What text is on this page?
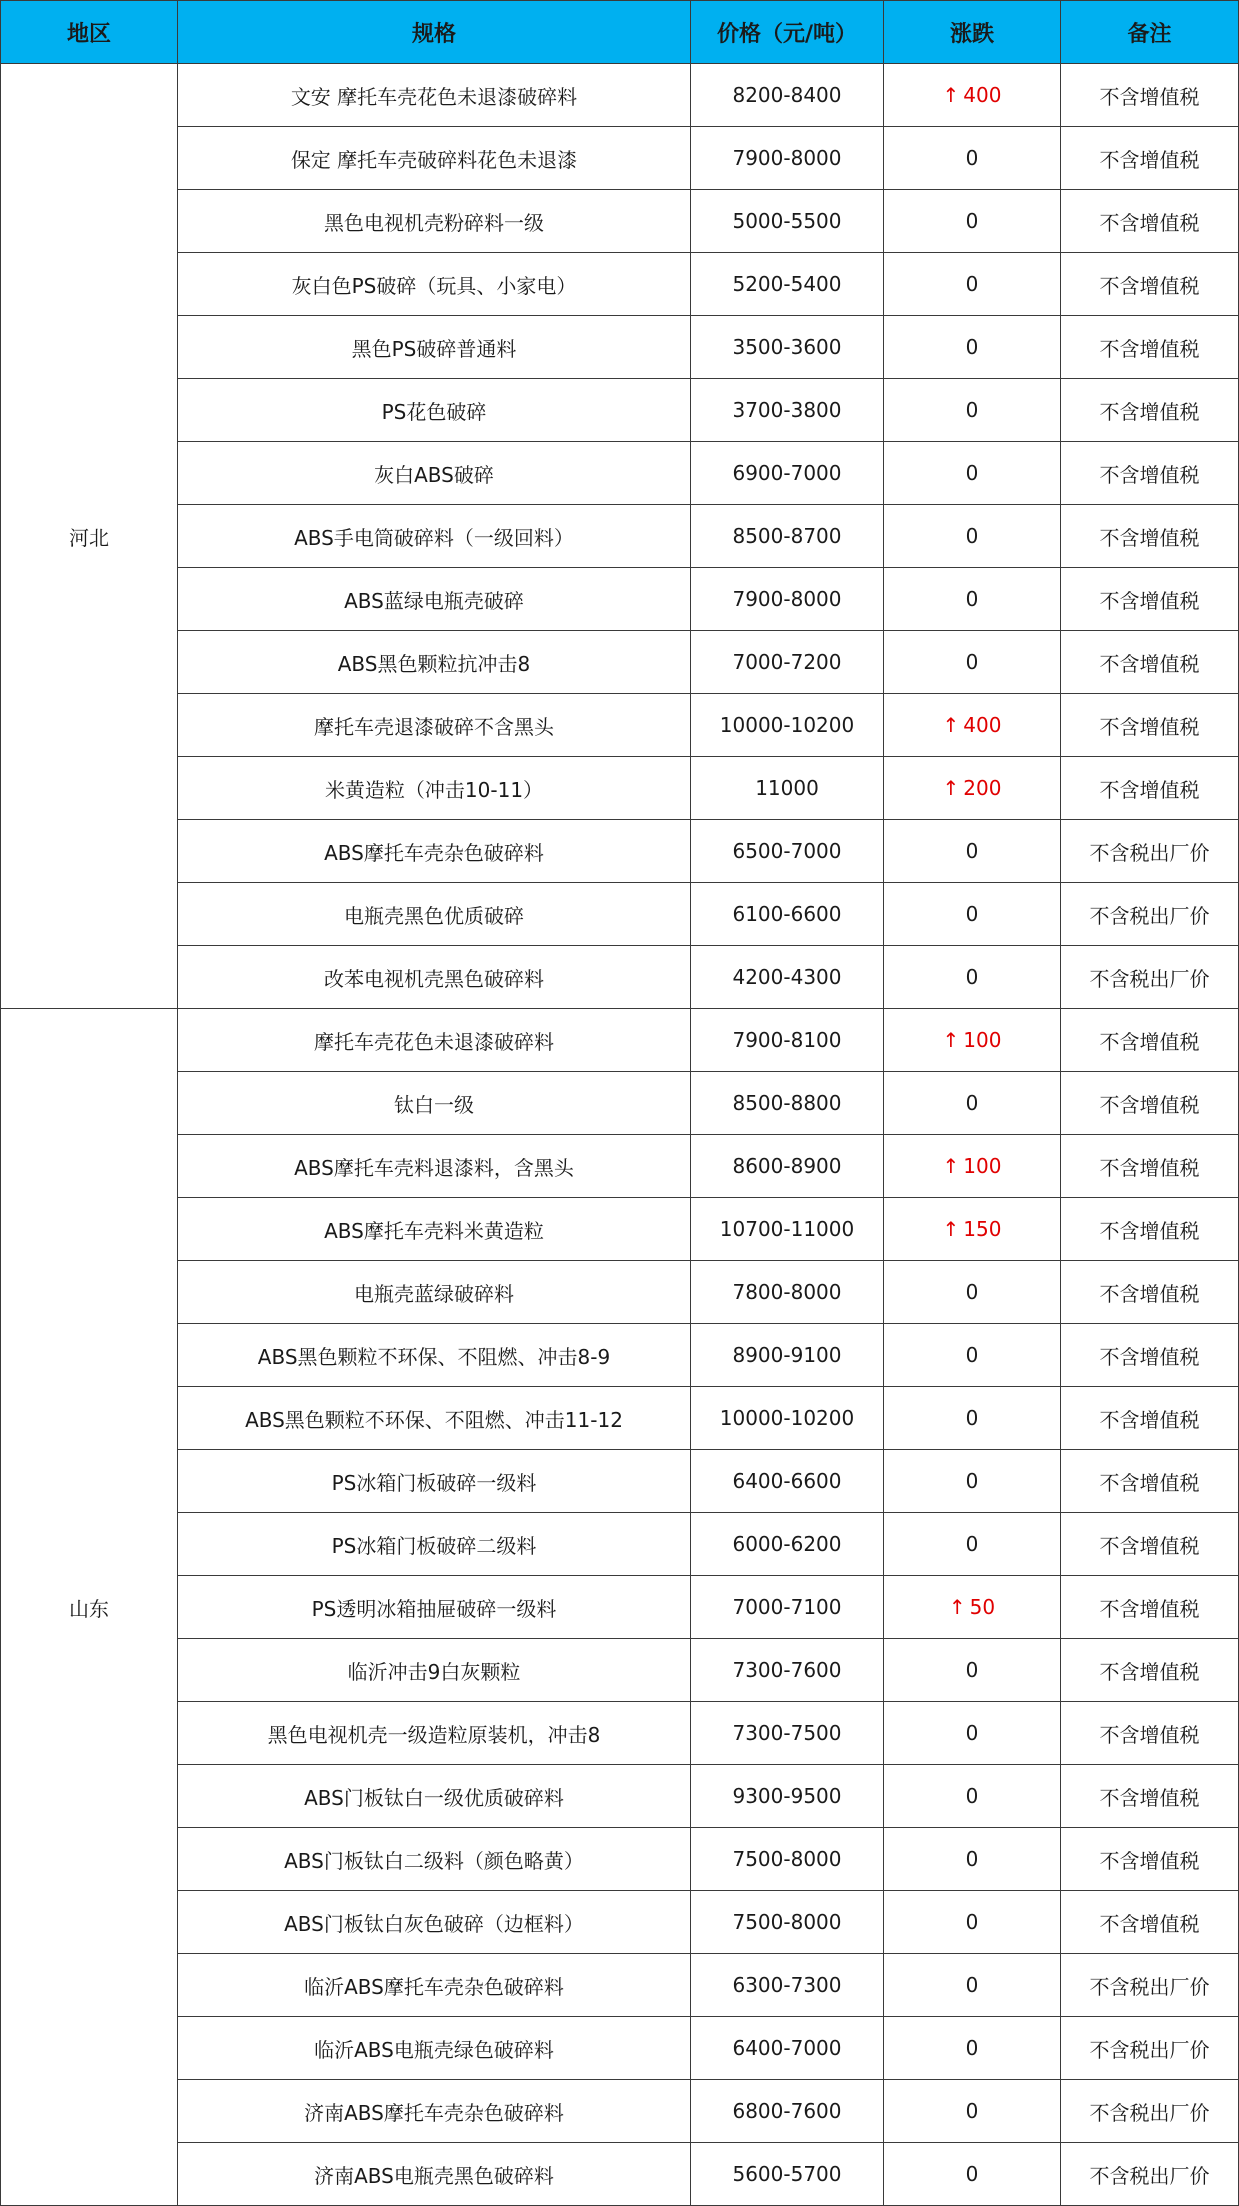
地区	规格	价格（元/吨）	涨跌	备注
河北	文安 摩托车壳花色未退漆破碎料	8200-8400	↑ 400	不含增值税
	保定 摩托车壳破碎料花色未退漆	7900-8000	0	不含增值税
	黑色电视机壳粉碎料一级	5000-5500	0	不含增值税
	灰白色PS破碎（玩具、小家电）	5200-5400	0	不含增值税
	黑色PS破碎普通料	3500-3600	0	不含增值税
	PS花色破碎	3700-3800	0	不含增值税
	灰白ABS破碎	6900-7000	0	不含增值税
	ABS手电筒破碎料（一级回料）	8500-8700	0	不含增值税
	ABS蓝绿电瓶壳破碎	7900-8000	0	不含增值税
	ABS黑色颗粒抗冲击8	7000-7200	0	不含增值税
	摩托车壳退漆破碎不含黑头	10000-10200	↑ 400	不含增值税
	米黄造粒（冲击10-11）	11000	↑ 200	不含增值税
	ABS摩托车壳杂色破碎料	6500-7000	0	不含税出厂价
	电瓶壳黑色优质破碎	6100-6600	0	不含税出厂价
	改苯电视机壳黑色破碎料	4200-4300	0	不含税出厂价
山东	摩托车壳花色未退漆破碎料	7900-8100	↑ 100	不含增值税
	钛白一级	8500-8800	0	不含增值税
	ABS摩托车壳料退漆料，含黑头	8600-8900	↑ 100	不含增值税
	ABS摩托车壳料米黄造粒	10700-11000	↑ 150	不含增值税
	电瓶壳蓝绿破碎料	7800-8000	0	不含增值税
	ABS黑色颗粒不环保、不阻燃、冲击8-9	8900-9100	0	不含增值税
	ABS黑色颗粒不环保、不阻燃、冲击11-12	10000-10200	0	不含增值税
	PS冰箱门板破碎一级料	6400-6600	0	不含增值税
	PS冰箱门板破碎二级料	6000-6200	0	不含增值税
	PS透明冰箱抽屉破碎一级料	7000-7100	↑ 50	不含增值税
	临沂冲击9白灰颗粒	7300-7600	0	不含增值税
	黑色电视机壳一级造粒原装机，冲击8	7300-7500	0	不含增值税
	ABS门板钛白一级优质破碎料	9300-9500	0	不含增值税
	ABS门板钛白二级料（颜色略黄）	7500-8000	0	不含增值税
	ABS门板钛白灰色破碎（边框料）	7500-8000	0	不含增值税
	临沂ABS摩托车壳杂色破碎料	6300-7300	0	不含税出厂价
	临沂ABS电瓶壳绿色破碎料	6400-7000	0	不含税出厂价
	济南ABS摩托车壳杂色破碎料	6800-7600	0	不含税出厂价
	济南ABS电瓶壳黑色破碎料	5600-5700	0	不含税出厂价
